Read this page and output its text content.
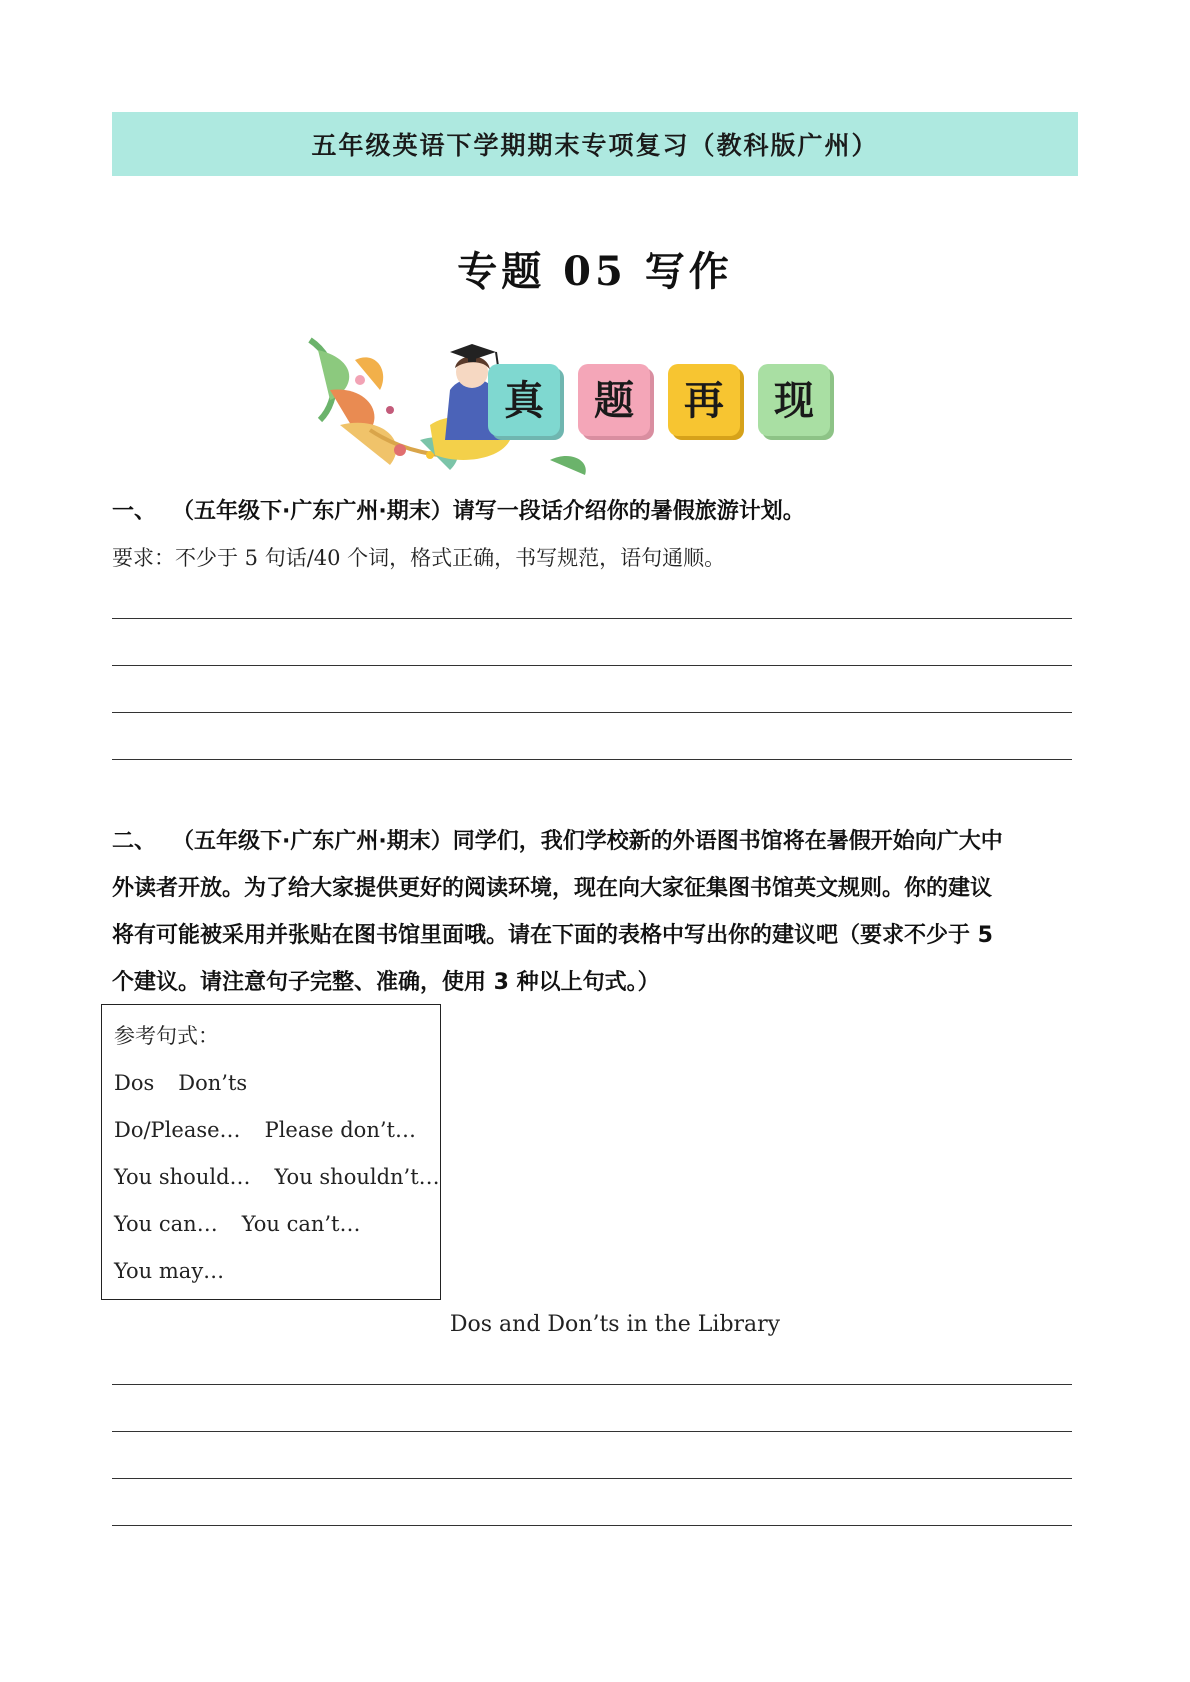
五年级英语下学期期末专项复习（教科版广州）
专题 05 写作
真 题 再 现
一、 （五年级下·广东广州·期末）请写一段话介绍你的暑假旅游计划。
要求：不少于 5 句话/40 个词，格式正确，书写规范，语句通顺。
二、 （五年级下·广东广州·期末）同学们，我们学校新的外语图书馆将在暑假开始向广大中
外读者开放。为了给大家提供更好的阅读环境，现在向大家征集图书馆英文规则。你的建议
将有可能被采用并张贴在图书馆里面哦。请在下面的表格中写出你的建议吧（要求不少于 5
个建议。请注意句子完整、准确，使用 3 种以上句式。）
参考句式：
Dos Don’ts
Do/Please… Please don’t…
You should… You shouldn’t…
You can… You can’t…
You may…
Dos and Don’ts in the Library
